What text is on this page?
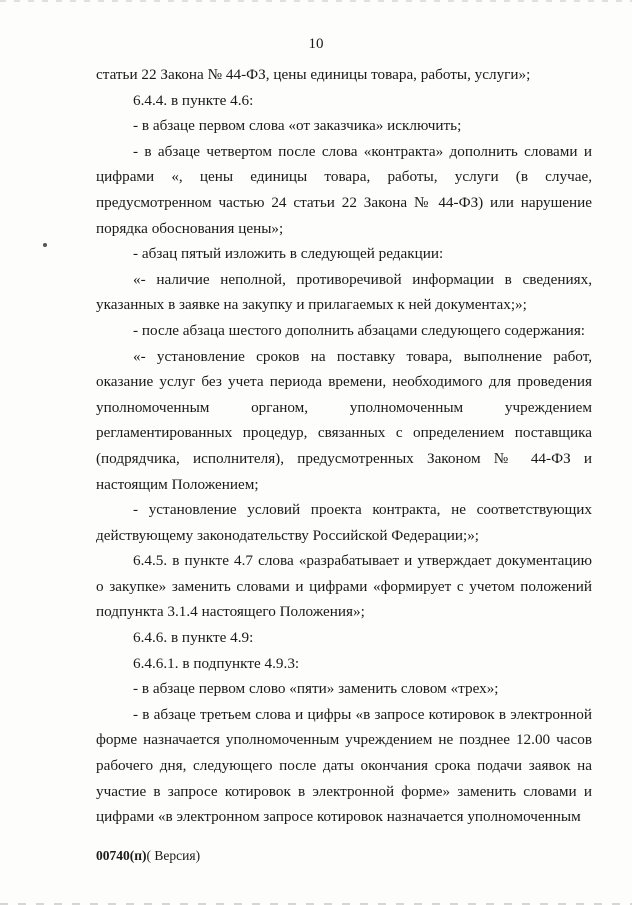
10

статьи 22 Закона № 44-ФЗ, цены единицы товара, работы, услуги»;

6.4.4. в пункте 4.6:

- в абзаце первом слова «от заказчика» исключить;

- в абзаце четвертом после слова «контракта» дополнить словами и цифрами «, цены единицы товара, работы, услуги (в случае, предусмотренном частью 24 статьи 22 Закона № 44-ФЗ) или нарушение порядка обоснования цены»;

- абзац пятый изложить в следующей редакции:

«- наличие неполной, противоречивой информации в сведениях, указанных в заявке на закупку и прилагаемых к ней документах;»;

- после абзаца шестого дополнить абзацами следующего содержания:

«- установление сроков на поставку товара, выполнение работ, оказание услуг без учета периода времени, необходимого для проведения уполномоченным органом, уполномоченным учреждением регламентированных процедур, связанных с определением поставщика (подрядчика, исполнителя), предусмотренных Законом № 44-ФЗ и настоящим Положением;

- установление условий проекта контракта, не соответствующих действующему законодательству Российской Федерации;»;

6.4.5. в пункте 4.7 слова «разрабатывает и утверждает документацию о закупке» заменить словами и цифрами «формирует с учетом положений подпункта 3.1.4 настоящего Положения»;

6.4.6. в пункте 4.9:

6.4.6.1. в подпункте 4.9.3:

- в абзаце первом слово «пяти» заменить словом «трех»;

- в абзаце третьем слова и цифры «в запросе котировок в электронной форме назначается уполномоченным учреждением не позднее 12.00 часов рабочего дня, следующего после даты окончания срока подачи заявок на участие в запросе котировок в электронной форме» заменить словами и цифрами «в электронном запросе котировок назначается уполномоченным

00740(п)( Версия)
